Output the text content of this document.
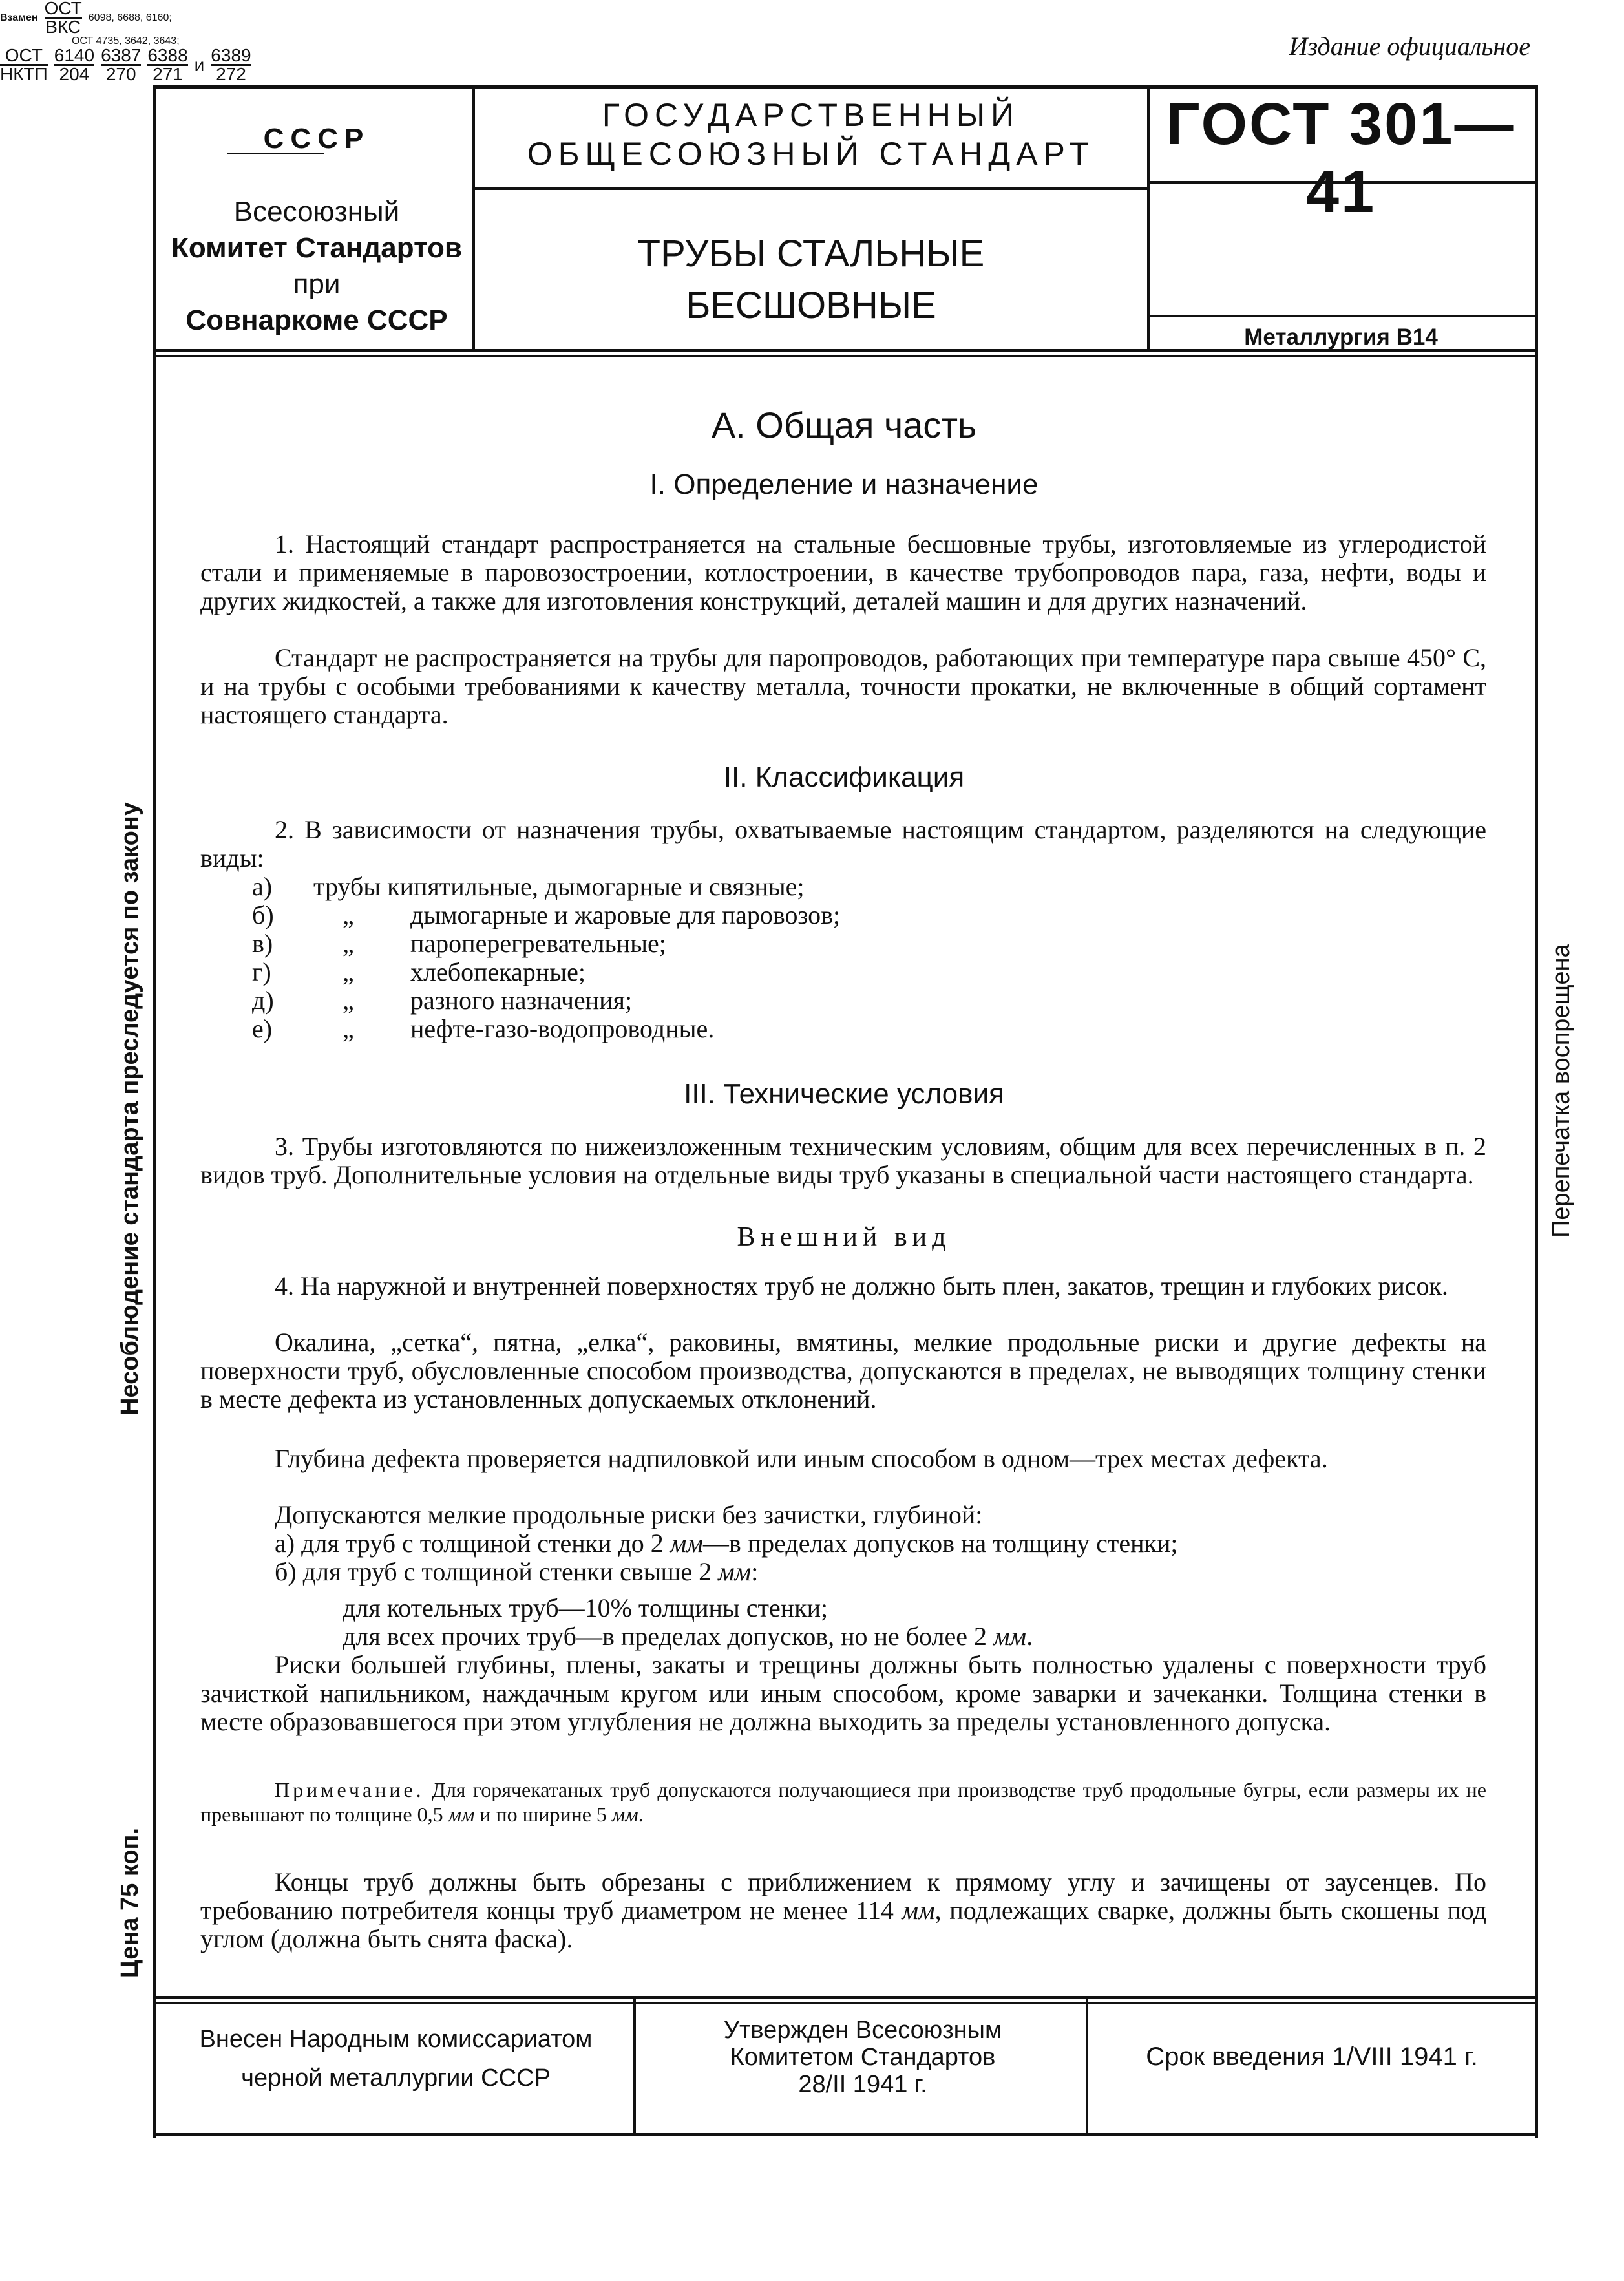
Издание официальное
СССР
Всесоюзный
Комитет Стандартов
при
Совнаркоме СССР
ГОСУДАРСТВЕННЫЙ
ОБЩЕСОЮЗНЫЙ СТАНДАРТ
ТРУБЫ СТАЛЬНЫЕ
БЕСШОВНЫЕ
ГОСТ 301—41
Взамен ОСТ
ВКС 6098, 6688, 6160;
ОСТ 4735, 3642, 3643;
ОСТ
НКТП $\frac{6140}{204} \frac{6387}{270} \frac{6388}{271}$ и $\frac{6389}{272}$
Металлургия В14
А. Общая часть
I. Определение и назначение
1. Настоящий стандарт распространяется на стальные бесшовные трубы, изготовляемые из углеродистой стали и применяемые в паровозостроении, котлостроении, в качестве трубопроводов пара, газа, нефти, воды и других жидкостей, а также для изготовления конструкций, деталей машин и для других назначений.
Стандарт не распространяется на трубы для паропроводов, работающих при температуре пара свыше 450° С, и на трубы с особыми требованиями к качеству металла, точности прокатки, не включенные в общий сортамент настоящего стандарта.
II. Классификация
2. В зависимости от назначения трубы, охватываемые настоящим стандартом, разделяются на следующие виды:
а) трубы кипятильные, дымогарные и связные;
б)	„ дымогарные и жаровые для паровозов;
в)	„ пароперегревательные;
г)	„ хлебопекарные;
д)	„ разного назначения;
е)	„ нефте-газо-водопроводные.
III. Технические условия
3. Трубы изготовляются по нижеизложенным техническим условиям, общим для всех перечисленных в п. 2 видов труб. Дополнительные условия на отдельные виды труб указаны в специальной части настоящего стандарта.
Внешний вид
4. На наружной и внутренней поверхностях труб не должно быть плен, закатов, трещин и глубоких рисок.
Окалина, „сетка“, пятна, „елка“, раковины, вмятины, мелкие продольные риски и другие дефекты на поверхности труб, обусловленные способом производства, допускаются в пределах, не выводящих толщину стенки в месте дефекта из установленных допускаемых отклонений.
Глубина дефекта проверяется надпиловкой или иным способом в одном—трех местах дефекта.
Допускаются мелкие продольные риски без зачистки, глубиной:
а) для труб с толщиной стенки до 2 мм—в пределах допусков на толщину стенки;
б) для труб с толщиной стенки свыше 2 мм:
для котельных труб—10% толщины стенки;
для всех прочих труб—в пределах допусков, но не более 2 мм.
Риски большей глубины, плены, закаты и трещины должны быть полностью удалены с поверхности труб зачисткой напильником, наждачным кругом или иным способом, кроме заварки и зачеканки. Толщина стенки в месте образовавшегося при этом углубления не должна выходить за пределы установленного допуска.
Примечание. Для горячекатаных труб допускаются получающиеся при производстве труб продольные бугры, если размеры их не превышают по толщине 0,5 мм и по ширине 5 мм.
Концы труб должны быть обрезаны с приближением к прямому углу и зачищены от заусенцев. По требованию потребителя концы труб диаметром не менее 114 мм, подлежащих сварке, должны быть скошены под углом (должна быть снята фаска).
Несоблюдение стандарта преследуется по закону
Цена 75 коп.
Перепечатка воспрещена
Внесен Народным комиссариатом
черной металлургии СССР
Утвержден Всесоюзным
Комитетом Стандартов
28/II 1941 г.
Срок введения 1/VIII 1941 г.
